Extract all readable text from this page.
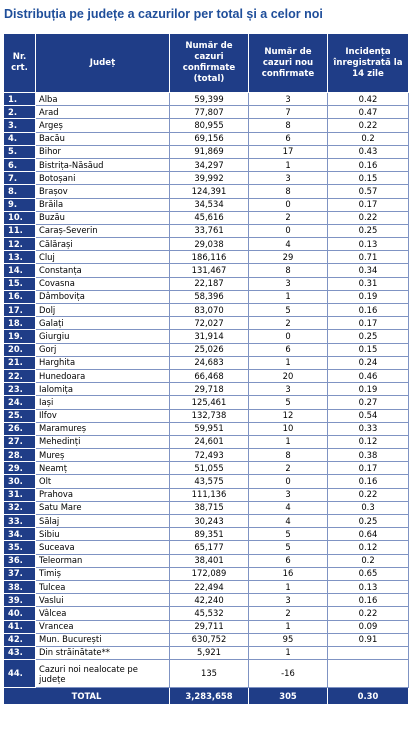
Distribuția pe județe a cazurilor per total și a celor noi
Nr. crt.	Județ	Număr de cazuri confirmate (total)	Număr de cazuri nou confirmate	Incidența înregistrată la 14 zile
1.	Alba	59,399	3	0.42
2.	Arad	77,807	7	0.47
3.	Argeș	80,955	8	0.22
4.	Bacău	69,156	6	0.2
5.	Bihor	91,869	17	0.43
6.	Bistrița-Năsăud	34,297	1	0.16
7.	Botoșani	39,992	3	0.15
8.	Brașov	124,391	8	0.57
9.	Brăila	34,534	0	0.17
10.	Buzău	45,616	2	0.22
11.	Caraș-Severin	33,761	0	0.25
12.	Călărași	29,038	4	0.13
13.	Cluj	186,116	29	0.71
14.	Constanța	131,467	8	0.34
15.	Covasna	22,187	3	0.31
16.	Dâmbovița	58,396	1	0.19
17.	Dolj	83,070	5	0.16
18.	Galați	72,027	2	0.17
19.	Giurgiu	31,914	0	0.25
20.	Gorj	25,026	6	0.15
21.	Harghita	24,683	1	0.24
22.	Hunedoara	66,468	20	0.46
23.	Ialomița	29,718	3	0.19
24.	Iași	125,461	5	0.27
25.	Ilfov	132,738	12	0.54
26.	Maramureș	59,951	10	0.33
27.	Mehedinți	24,601	1	0.12
28.	Mureș	72,493	8	0.38
29.	Neamț	51,055	2	0.17
30.	Olt	43,575	0	0.16
31.	Prahova	111,136	3	0.22
32.	Satu Mare	38,715	4	0.3
33.	Sălaj	30,243	4	0.25
34.	Sibiu	89,351	5	0.64
35.	Suceava	65,177	5	0.12
36.	Teleorman	38,401	6	0.2
37.	Timiș	172,089	16	0.65
38.	Tulcea	22,494	1	0.13
39.	Vaslui	42,240	3	0.16
40.	Vâlcea	45,532	2	0.22
41.	Vrancea	29,711	1	0.09
42.	Mun. București	630,752	95	0.91
43.	Din străinătate**	5,921	1	
44.	Cazuri noi nealocate pe județe	135	-16	
TOTAL		3,283,658	305	0.30
